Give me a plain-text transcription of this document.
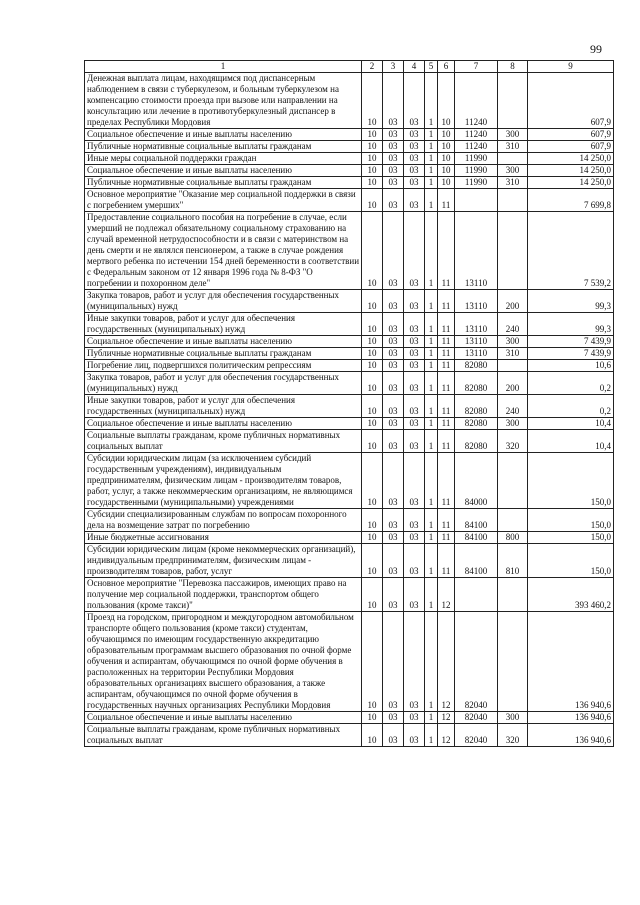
99
1	2	3	4	5	6	7	8	9
Денежная выплата лицам, находящимся под диспансерным наблюдением в связи с туберкулезом, и больным туберкулезом на компенсацию стоимости проезда при вызове или направлении на консультацию или лечение в противотуберкулезный диспансер в пределах Республики Мордовия	10	03	03	1	10	11240		607,9
Социальное обеспечение и иные выплаты населению	10	03	03	1	10	11240	300	607,9
Публичные нормативные социальные выплаты гражданам	10	03	03	1	10	11240	310	607,9
Иные меры социальной поддержки граждан	10	03	03	1	10	11990		14 250,0
Социальное обеспечение и иные выплаты населению	10	03	03	1	10	11990	300	14 250,0
Публичные нормативные социальные выплаты гражданам	10	03	03	1	10	11990	310	14 250,0
Основное мероприятие "Оказание мер социальной поддержки в связи с погребением умерших"	10	03	03	1	11			7 699,8
Предоставление социального пособия на погребение в случае, если умерший не подлежал обязательному социальному страхованию на случай временной нетрудоспособности и в связи с материнством на день смерти и не являлся пенсионером, а также в случае рождения мертвого ребенка по истечении 154 дней беременности в соответствии с Федеральным законом от 12 января 1996 года № 8-ФЗ "О погребении и похоронном деле"	10	03	03	1	11	13110		7 539,2
Закупка товаров, работ и услуг для обеспечения государственных (муниципальных) нужд	10	03	03	1	11	13110	200	99,3
Иные закупки товаров, работ и услуг для обеспечения государственных (муниципальных) нужд	10	03	03	1	11	13110	240	99,3
Социальное обеспечение и иные выплаты населению	10	03	03	1	11	13110	300	7 439,9
Публичные нормативные социальные выплаты гражданам	10	03	03	1	11	13110	310	7 439,9
Погребение лиц, подвергшихся политическим репрессиям	10	03	03	1	11	82080		10,6
Закупка товаров, работ и услуг для обеспечения государственных (муниципальных) нужд	10	03	03	1	11	82080	200	0,2
Иные закупки товаров, работ и услуг для обеспечения государственных (муниципальных) нужд	10	03	03	1	11	82080	240	0,2
Социальное обеспечение и иные выплаты населению	10	03	03	1	11	82080	300	10,4
Социальные выплаты гражданам, кроме публичных нормативных социальных выплат	10	03	03	1	11	82080	320	10,4
Субсидии юридическим лицам (за исключением субсидий государственным учреждениям), индивидуальным предпринимателям, физическим лицам - производителям товаров, работ, услуг, а также некоммерческим организациям, не являющимся государственными (муниципальными) учреждениями	10	03	03	1	11	84000		150,0
Субсидии специализированным службам по вопросам похоронного дела на возмещение затрат по погребению	10	03	03	1	11	84100		150,0
Иные бюджетные ассигнования	10	03	03	1	11	84100	800	150,0
Субсидии юридическим лицам (кроме некоммерческих организаций), индивидуальным предпринимателям, физическим лицам - производителям товаров, работ, услуг	10	03	03	1	11	84100	810	150,0
Основное мероприятие "Перевозка пассажиров, имеющих право на получение мер социальной поддержки, транспортом общего пользования (кроме такси)"	10	03	03	1	12			393 460,2
Проезд на городском, пригородном и междугородном автомобильном транспорте общего пользования (кроме такси) студентам, обучающимся по имеющим государственную аккредитацию образовательным программам высшего образования по очной форме обучения и аспирантам, обучающимся по очной форме обучения в расположенных на территории Республики Мордовия образовательных организациях высшего образования, а также аспирантам, обучающимся по очной форме обучения в государственных научных организациях Республики Мордовия	10	03	03	1	12	82040		136 940,6
Социальное обеспечение и иные выплаты населению	10	03	03	1	12	82040	300	136 940,6
Социальные выплаты гражданам, кроме публичных нормативных социальных выплат	10	03	03	1	12	82040	320	136 940,6
